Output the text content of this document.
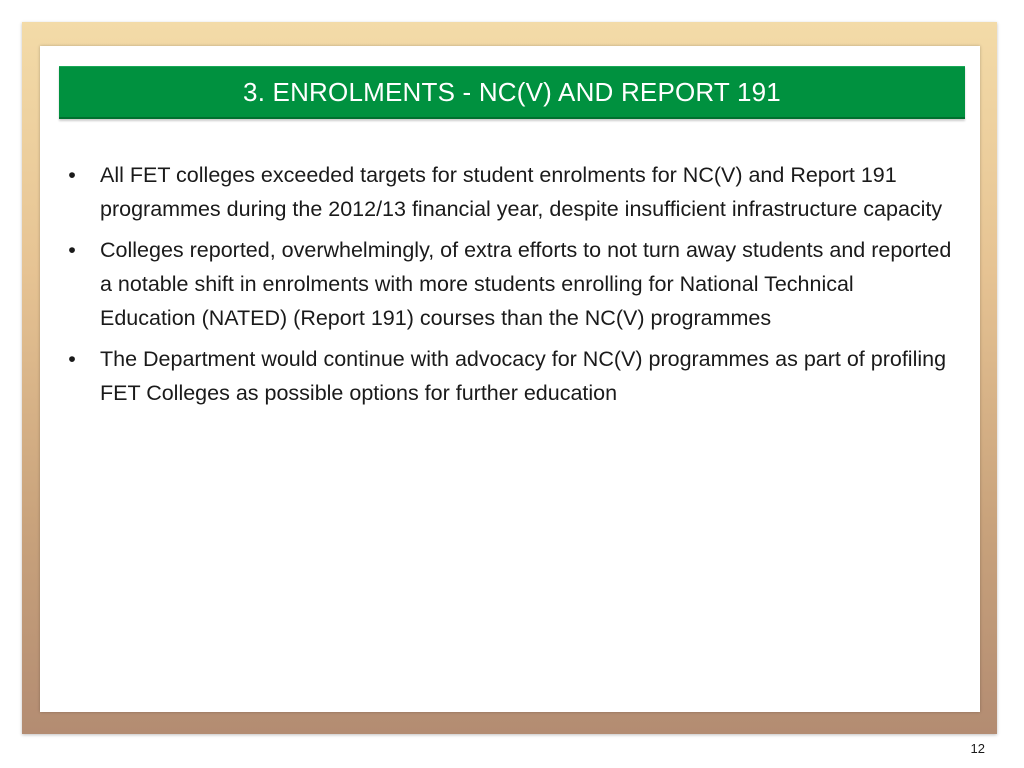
3. ENROLMENTS - NC(V) AND REPORT 191
• All FET colleges exceeded targets for student enrolments for NC(V) and Report 191 programmes during the 2012/13 financial year, despite insufficient infrastructure capacity
• Colleges reported, overwhelmingly, of extra efforts to not turn away students and reported a notable shift in enrolments with more students enrolling for National Technical Education (NATED) (Report 191) courses than the NC(V) programmes
• The Department would continue with advocacy for NC(V) programmes as part of profiling FET Colleges as possible options for further education
12
